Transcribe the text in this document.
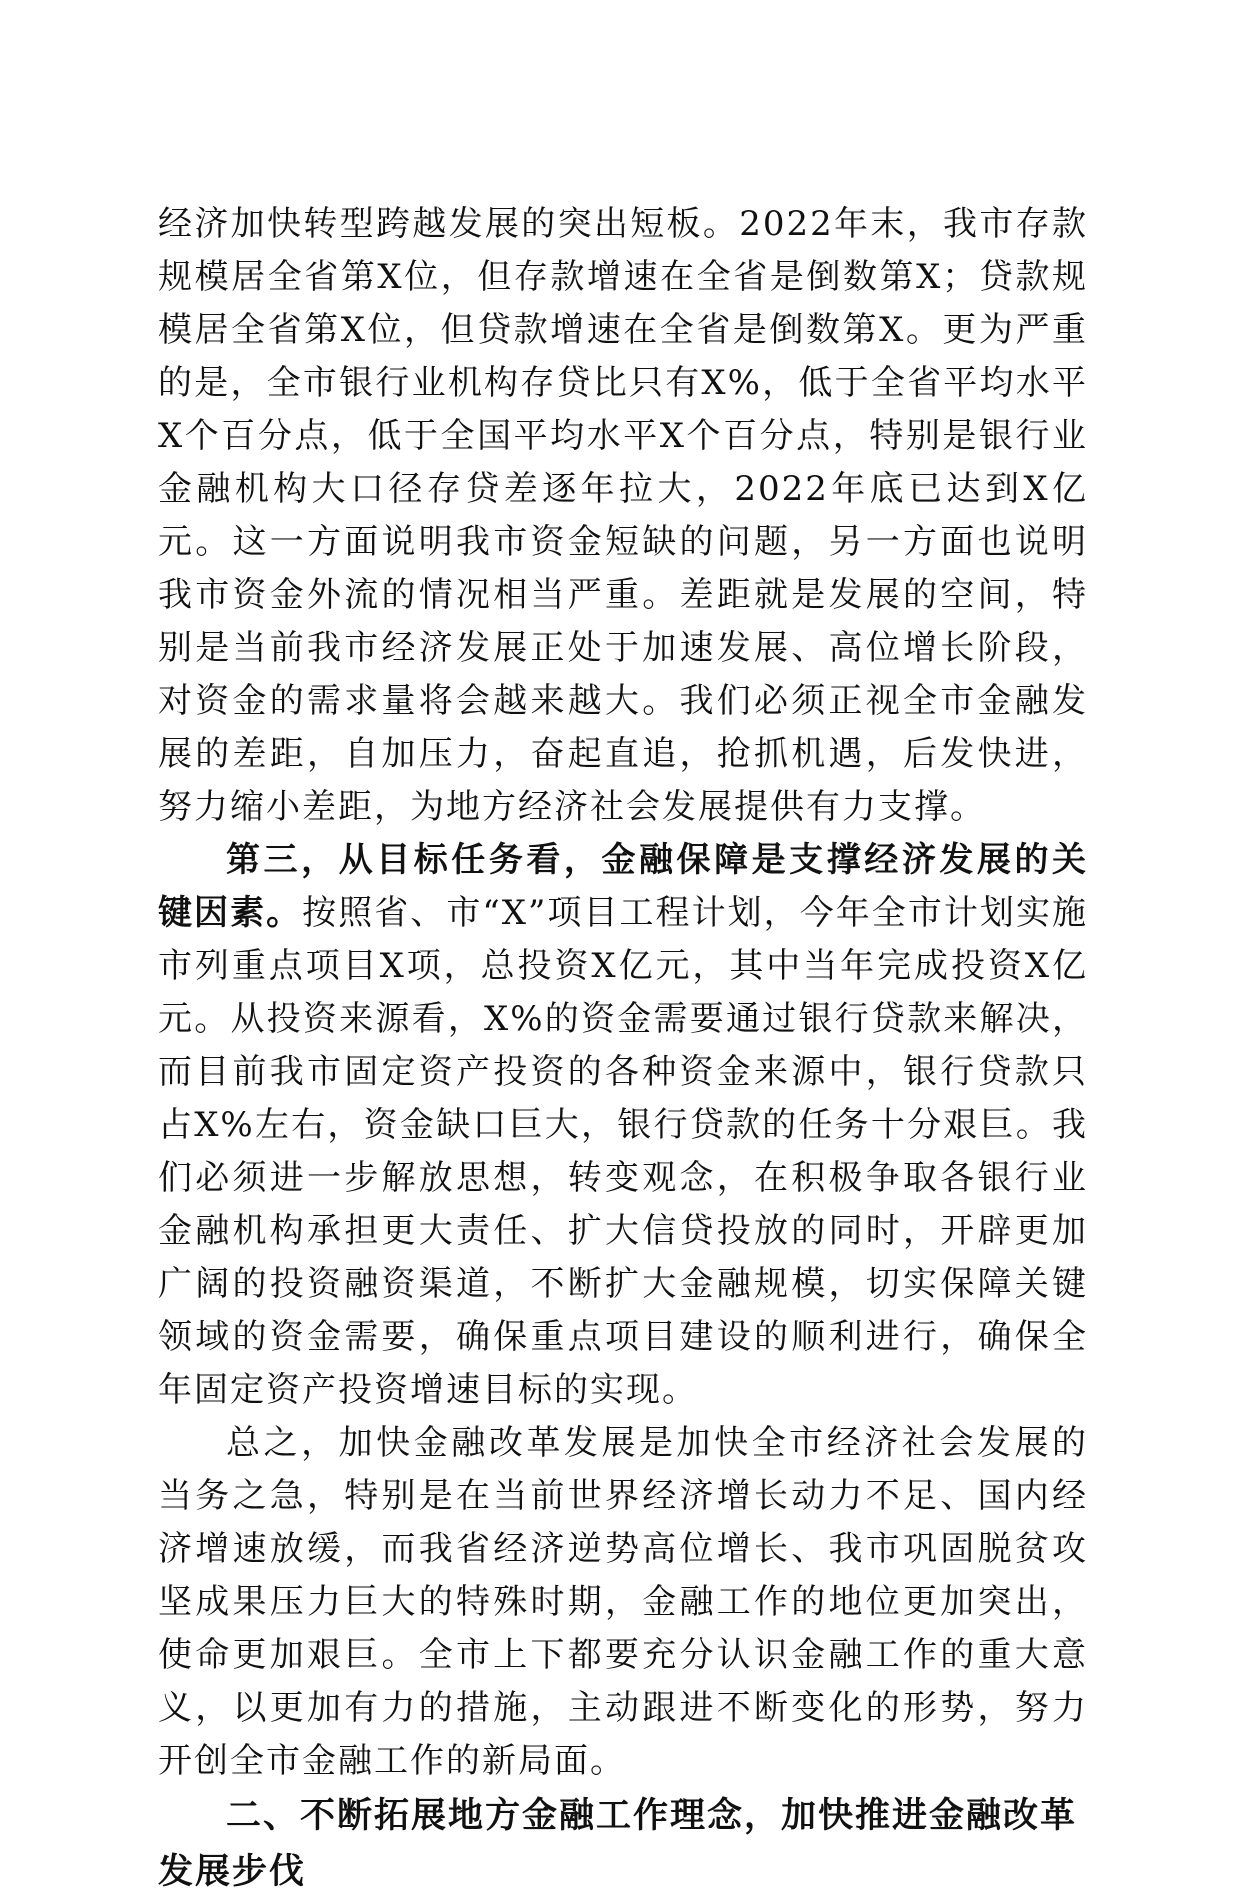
经济加快转型跨越发展的突出短板。2022年末，我市存款规模居全省第X位，但存款增速在全省是倒数第X；贷款规模居全省第X位，但贷款增速在全省是倒数第X。更为严重的是，全市银行业机构存贷比只有X%，低于全省平均水平X个百分点，低于全国平均水平X个百分点，特别是银行业金融机构大口径存贷差逐年拉大，2022年底已达到X亿元。这一方面说明我市资金短缺的问题，另一方面也说明我市资金外流的情况相当严重。差距就是发展的空间，特别是当前我市经济发展正处于加速发展、高位增长阶段，对资金的需求量将会越来越大。我们必须正视全市金融发展的差距，自加压力，奋起直追，抢抓机遇，后发快进，努力缩小差距，为地方经济社会发展提供有力支撑。

第三，从目标任务看，金融保障是支撑经济发展的关键因素。按照省、市“X”项目工程计划，今年全市计划实施市列重点项目X项，总投资X亿元，其中当年完成投资X亿元。从投资来源看，X%的资金需要通过银行贷款来解决，而目前我市固定资产投资的各种资金来源中，银行贷款只占X%左右，资金缺口巨大，银行贷款的任务十分艰巨。我们必须进一步解放思想，转变观念，在积极争取各银行业金融机构承担更大责任、扩大信贷投放的同时，开辟更加广阔的投资融资渠道，不断扩大金融规模，切实保障关键领域的资金需要，确保重点项目建设的顺利进行，确保全年固定资产投资增速目标的实现。

总之，加快金融改革发展是加快全市经济社会发展的当务之急，特别是在当前世界经济增长动力不足、国内经济增速放缓，而我省经济逆势高位增长、我市巩固脱贫攻坚成果压力巨大的特殊时期，金融工作的地位更加突出，使命更加艰巨。全市上下都要充分认识金融工作的重大意义，以更加有力的措施，主动跟进不断变化的形势，努力开创全市金融工作的新局面。

二、不断拓展地方金融工作理念，加快推进金融改革发展步伐
